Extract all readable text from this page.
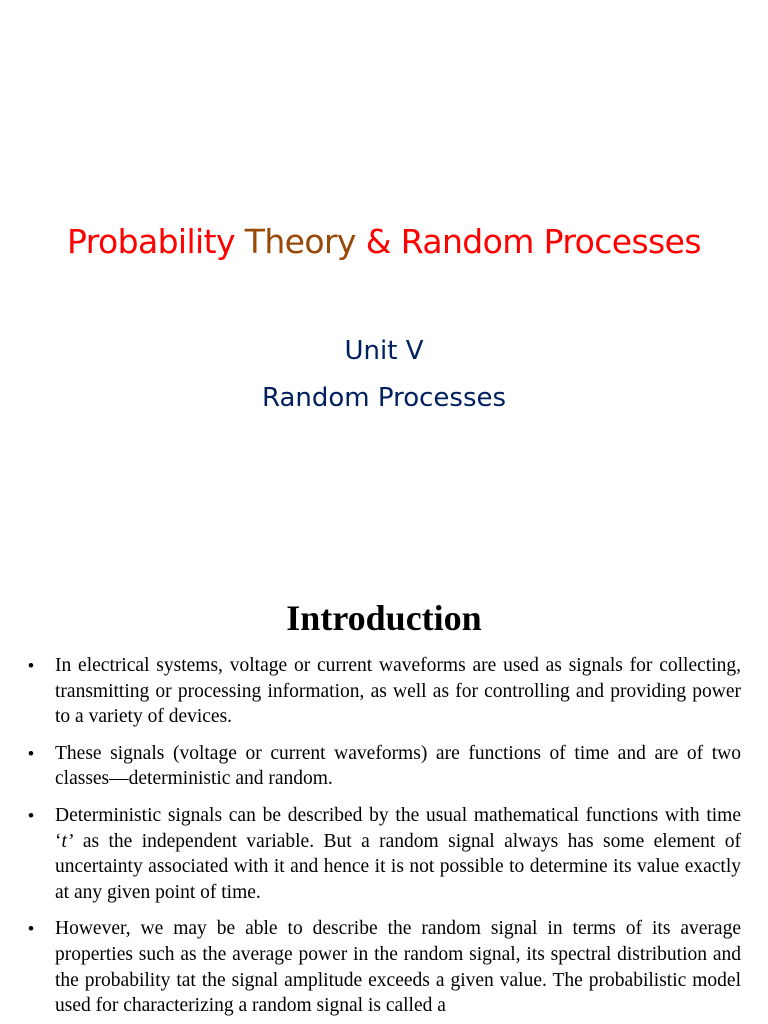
Probability Theory & Random Processes
Unit V
Random Processes
Introduction
• In electrical systems, voltage or current waveforms are used as signals for collecting, transmitting or processing information, as well as for controlling and providing power to a variety of devices.
• These signals (voltage or current waveforms) are functions of time and are of two classes—deterministic and random.
• Deterministic signals can be described by the usual mathematical functions with time ‘t’ as the independent variable. But a random signal always has some element of uncertainty associated with it and hence it is not possible to determine its value exactly at any given point of time.
• However, we may be able to describe the random signal in terms of its average properties such as the average power in the random signal, its spectral distribution and the probability tat the signal amplitude exceeds a given value. The probabilistic model used for characterizing a random signal is called a
